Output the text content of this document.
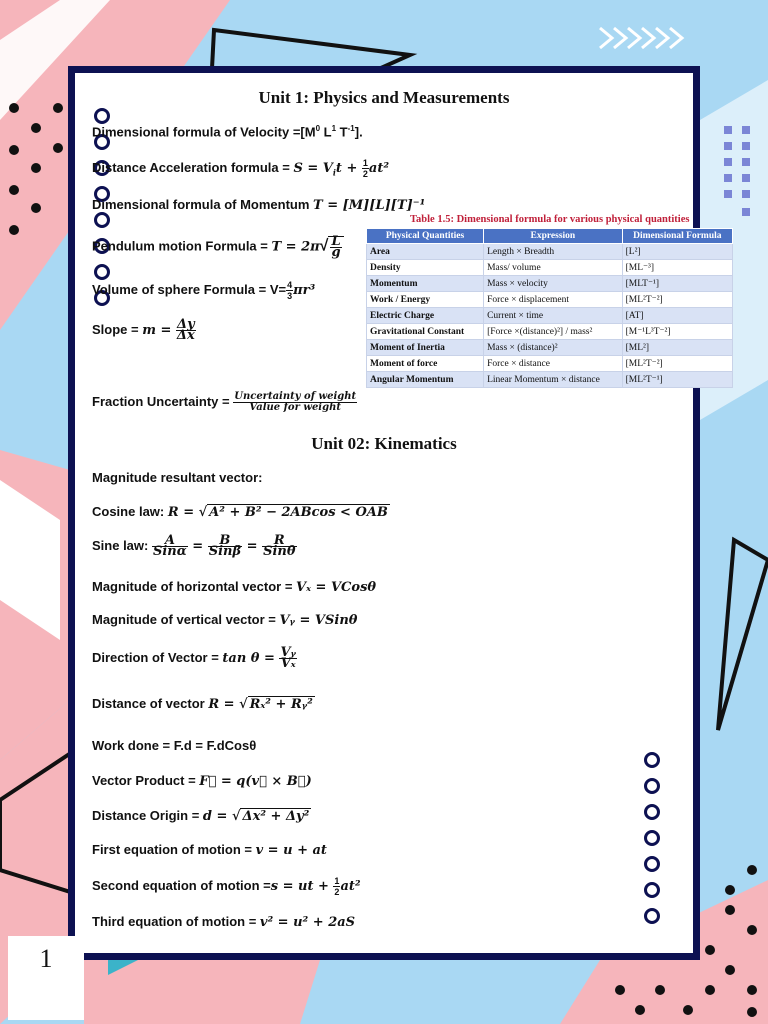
Unit 1: Physics and Measurements
Dimensional formula of Velocity $=[M^0$ $L^1$ $T^{-1}$].
Distance Acceleration formula = $S = V_it + \frac{1}{2} at^2$
Dimensional formula of Momentum T = [M][L][T]⁻¹
Pendulum motion Formula = $T = 2\pi√ \frac{L}{g}$
Volume of sphere Formula = $V= \frac{4}{3} \pi r^3$
Slope = $m = \frac{\Delta y}{\Delta x}$
Fraction Uncertainty = $\frac{\text{Uncertainty of weight}}{\text{Value for weight}}$
Unit 02: Kinematics
Magnitude resultant vector:
Cosine law: R = √ A² + B² − 2ABcos < OAB
Sine law: $\frac{A}{\text{Sinα}} = \frac{B}{\text{Sinβ}} = \frac{R}{\text{Sinθ}}$
Magnitude of horizontal vector = Vₓ = VCosθ
Magnitude of vertical vector = Vᵧ = VSinθ
Direction of Vector = $\tan \theta = \frac{\text{Vᵧ}}{\text{Vₓ}}$
Distance of vector R = √ Rₓ² + Rᵧ²
Work done = F.d = F.dCosθ
Vector Product = F⃗ = q(v⃗ × B⃗)
Distance Origin = d = √ Δx² + Δy²
First equation of motion = v = u + at
Second equation of motion =s = ut + $\frac{1}{2} at^2$
Third equation of motion = v² = u² + 2aS
Table 1.5: Dimensional formula for various physical quantities
Physical Quantities	Expression	Dimensional Formula
Area	Length × Breadth	[L²]
Density	Mass/ volume	[ML⁻³]
Momentum	Mass × velocity	[MLT⁻¹]
Work / Energy	Force × displacement	[ML²T⁻²]
Electric Charge	Current × time	[AT]
Gravitational Constant	[Force ×(distance)²] / mass²	[M⁻¹L³T⁻²]
Moment of Inertia	Mass × (distance)²	[ML²]
Moment of force	Force × distance	[ML²T⁻²]
Angular Momentum	Linear Momentum × distance	[ML²T⁻¹]
1
